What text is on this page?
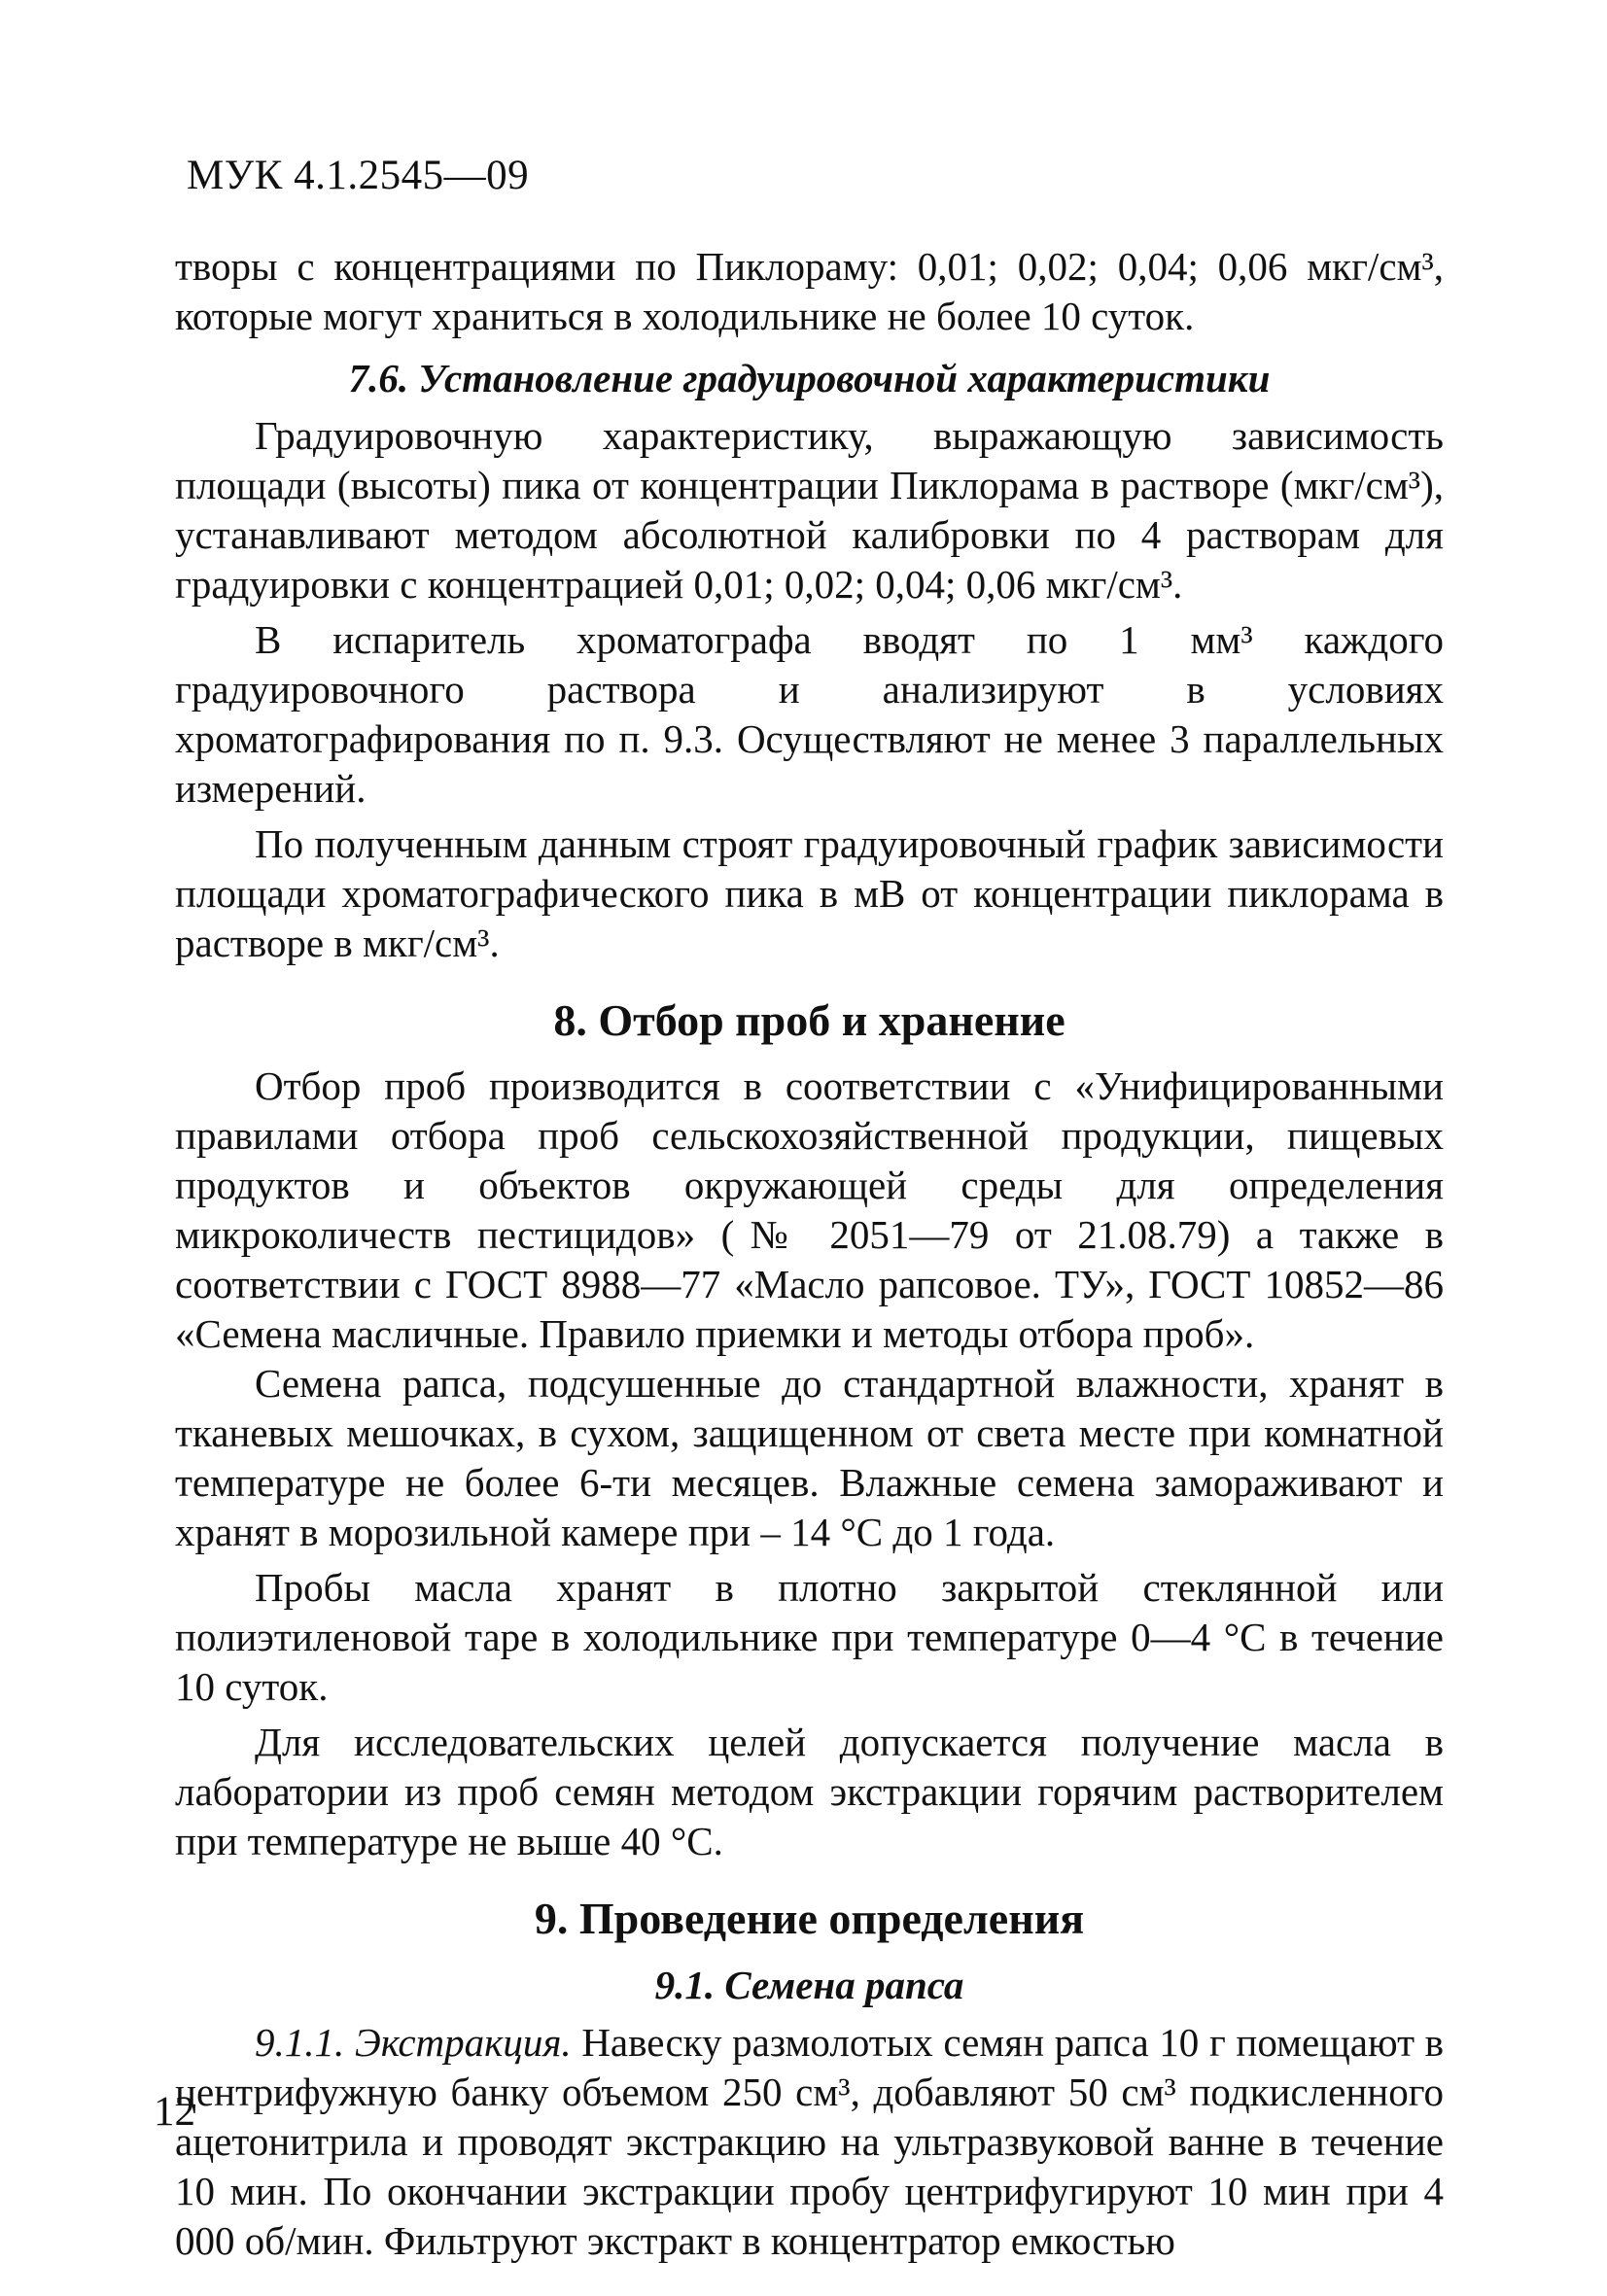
МУК 4.1.2545—09

творы с концентрациями по Пиклораму: 0,01; 0,02; 0,04; 0,06 мкг/см³, которые могут храниться в холодильнике не более 10 суток.

7.6. Установление градуировочной характеристики

Градуировочную характеристику, выражающую зависимость площади (высоты) пика от концентрации Пиклорама в растворе (мкг/см³), устанавливают методом абсолютной калибровки по 4 растворам для градуировки с концентрацией 0,01; 0,02; 0,04; 0,06 мкг/см³.

В испаритель хроматографа вводят по 1 мм³ каждого градуировочного раствора и анализируют в условиях хроматографирования по п. 9.3. Осуществляют не менее 3 параллельных измерений.

По полученным данным строят градуировочный график зависимости площади хроматографического пика в мВ от концентрации пиклорама в растворе в мкг/см³.

8. Отбор проб и хранение

Отбор проб производится в соответствии с «Унифицированными правилами отбора проб сельскохозяйственной продукции, пищевых продуктов и объектов окружающей среды для определения микроколичеств пестицидов» (№ 2051—79 от 21.08.79) а также в соответствии с ГОСТ 8988—77 «Масло рапсовое. ТУ», ГОСТ 10852—86 «Семена масличные. Правило приемки и методы отбора проб».

Семена рапса, подсушенные до стандартной влажности, хранят в тканевых мешочках, в сухом, защищенном от света месте при комнатной температуре не более 6-ти месяцев. Влажные семена замораживают и хранят в морозильной камере при – 14 °С до 1 года.

Пробы масла хранят в плотно закрытой стеклянной или полиэтиленовой таре в холодильнике при температуре 0—4 °С в течение 10 суток.

Для исследовательских целей допускается получение масла в лаборатории из проб семян методом экстракции горячим растворителем при температуре не выше 40 °С.

9. Проведение определения
9.1. Семена рапса

9.1.1. Экстракция. Навеску размолотых семян рапса 10 г помещают в центрифужную банку объемом 250 см³, добавляют 50 см³ подкисленного ацетонитрила и проводят экстракцию на ультразвуковой ванне в течение 10 мин. По окончании экстракции пробу центрифугируют 10 мин при 4 000 об/мин. Фильтруют экстракт в концентратор емкостью

12
